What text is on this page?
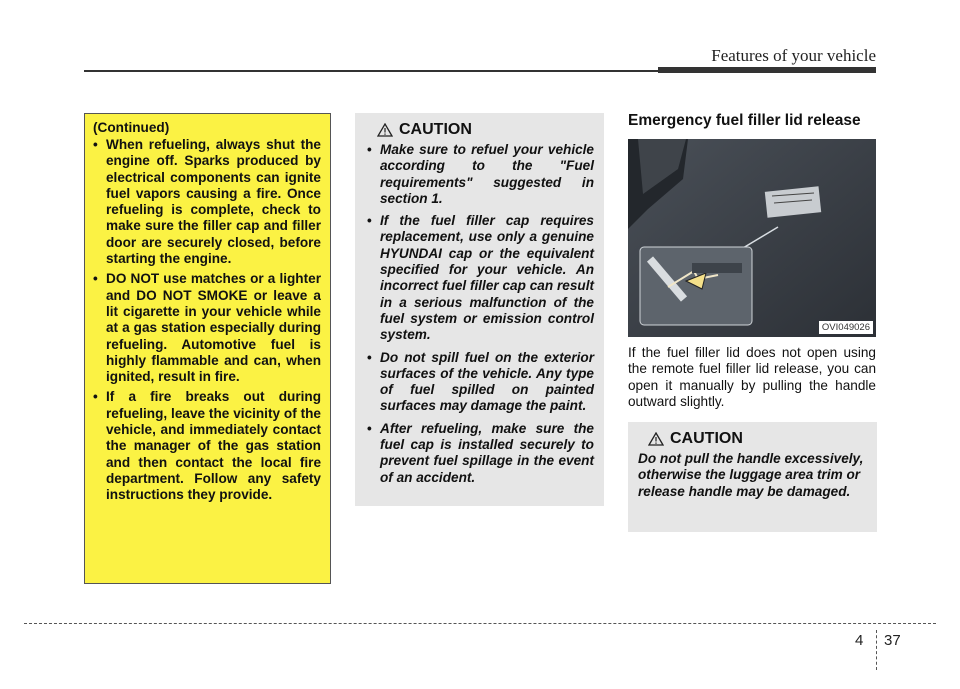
Features of your vehicle

(Continued)

• When refueling, always shut the engine off. Sparks produced by electrical components can ignite fuel vapors causing a fire. Once refueling is complete, check to make sure the filler cap and filler door are securely closed, before starting the engine.
• DO NOT use matches or a lighter and DO NOT SMOKE or leave a lit cigarette in your vehicle while at a gas station especially during refueling. Automotive fuel is highly flammable and can, when ignited, result in fire.
• If a fire breaks out during refueling, leave the vicinity of the vehicle, and immediately contact the manager of the gas station and then contact the local fire department. Follow any safety instructions they provide.
CAUTION
• Make sure to refuel your vehicle according to the "Fuel requirements" suggested in section 1.
• If the fuel filler cap requires replacement, use only a genuine HYUNDAI cap or the equivalent specified for your vehicle. An incorrect fuel filler cap can result in a serious malfunction of the fuel system or emission control system.
• Do not spill fuel on the exterior surfaces of the vehicle. Any type of fuel spilled on painted surfaces may damage the paint.
• After refueling, make sure the fuel cap is installed securely to prevent fuel spillage in the event of an accident.
Emergency fuel filler lid release
OVI049026
If the fuel filler lid does not open using the remote fuel filler lid release, you can open it manually by pulling the handle outward slightly.
CAUTION

Do not pull the handle excessively, otherwise the luggage area trim or release handle may be damaged.

4 37
